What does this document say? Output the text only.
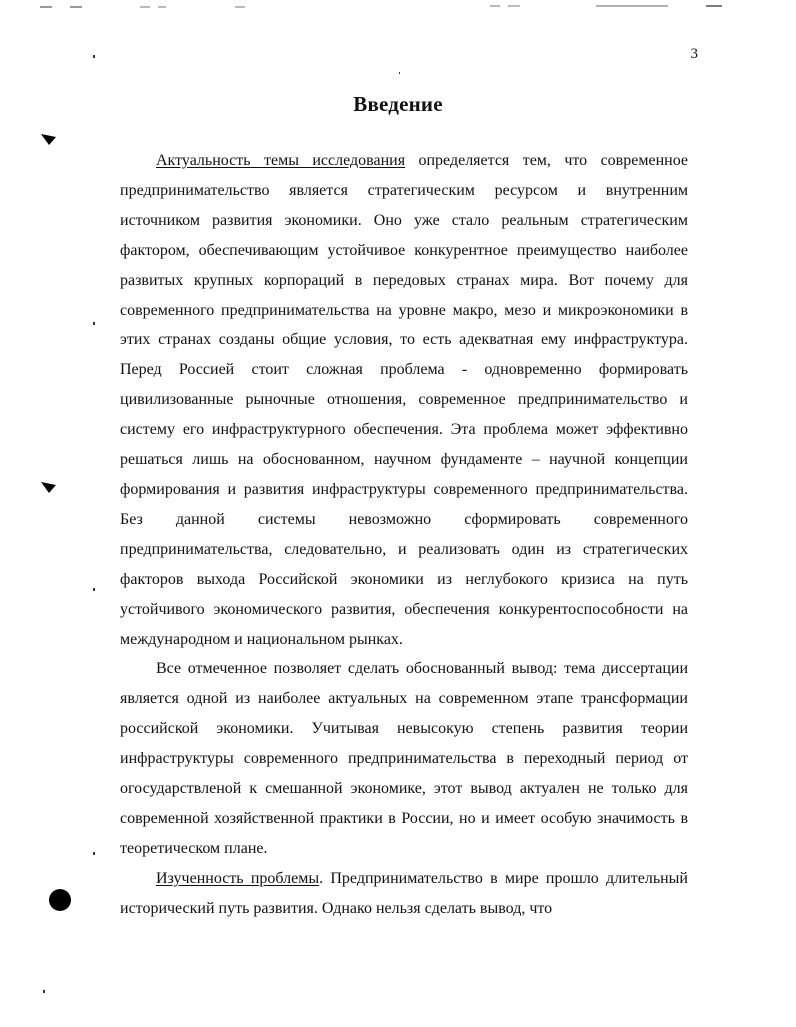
3
Введение

Актуальность темы исследования определяется тем, что современное предпринимательство является стратегическим ресурсом и внутренним источником развития экономики. Оно уже стало реальным стратегическим фактором, обеспечивающим устойчивое конкурентное преимущество наиболее развитых крупных корпораций в передовых странах мира. Вот почему для современного предпринимательства на уровне макро, мезо и микроэкономики в этих странах созданы общие условия, то есть адекватная ему инфраструктура. Перед Россией стоит сложная проблема - одновременно формировать цивилизованные рыночные отношения, современное предпринимательство и систему его инфраструктурного обеспечения. Эта проблема может эффективно решаться лишь на обоснованном, научном фундаменте – научной концепции формирования и развития инфраструктуры современного предпринимательства. Без данной системы невозможно сформировать современного предпринимательства, следовательно, и реализовать один из стратегических факторов выхода Российской экономики из неглубокого кризиса на путь устойчивого экономического развития, обеспечения конкурентоспособности на международном и национальном рынках.

Все отмеченное позволяет сделать обоснованный вывод: тема диссертации является одной из наиболее актуальных на современном этапе трансформации российской экономики. Учитывая невысокую степень развития теории инфраструктуры современного предпринимательства в переходный период от огосударствленой к смешанной экономике, этот вывод актуален не только для современной хозяйственной практики в России, но и имеет особую значимость в теоретическом плане.

Изученность проблемы. Предпринимательство в мире прошло длительный исторический путь развития. Однако нельзя сделать вывод, что
